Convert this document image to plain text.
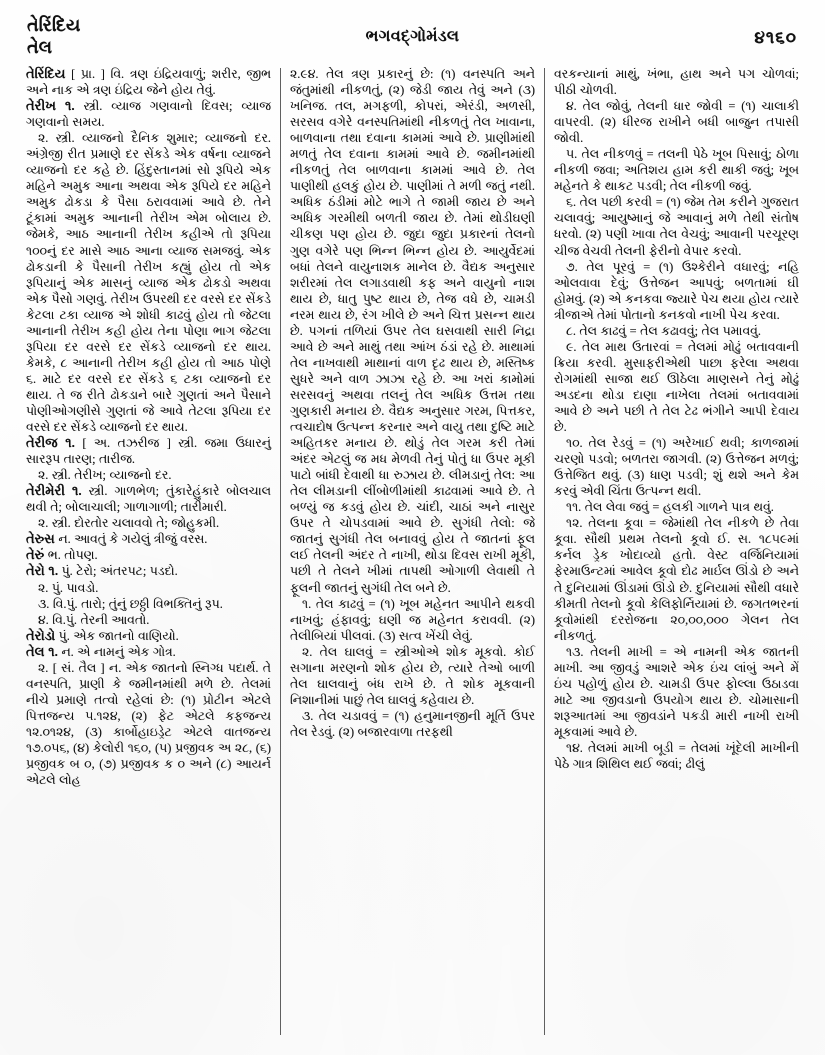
તેરિંદિય
તેલ
ભગવદ્ગોમંડલ	૪૧૬૦

તેરિંદિય [ પ્રા. ] વિ. ત્રણ ઇંદ્રિયવાળું; શરીર, જીભ અને નાક એ ત્રણ ઇંદ્રિય જેને હોય તેવું.

તેરીખ ૧. સ્ત્રી. વ્યાજ ગણવાનો દિવસ; વ્યાજ ગણવાનો સમય.

૨. સ્ત્રી. વ્યાજનો દૈનિક શુમાર; વ્યાજનો દર. અંગ્રેજી રીત પ્રમાણે દર સેંકડે એક વર્ષના વ્યાજને વ્યાજનો દર કહે છે. હિંદુસ્તાનમાં સો રૂપિયે એક મહિને અમુક આના અથવા એક રૂપિયે દર મહિને અમુક ઢોકડા કે પૈસા ઠરાવવામાં આવે છે. તેને ટૂંકામાં અમુક આનાની તેરીખ એમ બોલાય છે. જેમકે, આઠ આનાની તેરીખ કહીએ તો રૂપિયા ૧૦૦નું દર માસે આઠ આના વ્યાજ સમજવું. એક ઢોકડાની કે પૈસાની તેરીખ કહ્યું હોય તો એક રૂપિયાનું એક માસનું વ્યાજ એક ઢોકડો અથવા એક પૈસો ગણવું. તેરીખ ઉપરથી દર વરસે દર સેંકડે કેટલા ટકા વ્યાજ એ શોધી કાઢવું હોય તો જેટલા આનાની તેરીખ કહી હોય તેના પોણા ભાગ જેટલા રૂપિયા દર વરસે દર સેંકડે વ્યાજનો દર થાય. કેમકે, ૮ આનાની તેરીખ કહી હોય તો આઠ પોણે ૬. માટે દર વરસે દર સેંકડે ૬ ટકા વ્યાજનો દર થાય. તે જ રીતે ઢોકડાને બારે ગુણતાં અને પૈસાને પોણીઓગણીસે ગુણતાં જે આવે તેટલા રૂપિયા દર વરસે દર સેંકડે વ્યાજનો દર થાય.

તેરીજ ૧. [ અ. તઝરીજ ] સ્ત્રી. જમા ઉધારનું સારરૂપ તારણ; તારીજ.

૨. સ્ત્રી. તેરીખ; વ્યાજનો દર.

તેરીમેરી ૧. સ્ત્રી. ગાળભેળ; તુંકારેહુંકારે બોલચાલ થવી તે; બોલાચાલી; ગાળાગાળી; તારીમારી.

૨. સ્ત્રી. દોરતોર ચલાવવો તે; જોહુકમી.

તેરુસ ન. આવતું કે ગયેલું ત્રીજું વરસ.

તેરું ભ. તોપણ.

તેરો ૧. પું. ટેરો; અંતરપટ; પડદો.

૨. પું. પાવડો.

૩. વિ.પું. તારો; તુંનું છઠ્ઠી વિભક્તિનું રૂપ.

૪. વિ.પું. તેરની આવતો.

તેરોડો પું. એક જાતનો વાણિયો.

તેલ ૧. ન. એ નામનું એક ગોત્ર.

૨. [ સં. તૈલ ] ન. એક જાતનો સ્નિગ્ધ પદાર્થ. તે વનસ્પતિ, પ્રાણી કે જમીનમાંથી મળે છે. તેલમાં નીચે પ્રમાણે તત્વો રહેલાં છે: (૧) પ્રોટીન એટલે પિત્તજન્ય ૫.૧૨૪, (૨) ફેટ એટલે કફજન્ય ૧૨.૦૧૨૪, (૩) કાર્બોહાઇડ્રેટ એટલે વાતજન્ય ૧૭.૦૫૬, (૪) કેલોરી ૧૬૦, (૫) પ્રજીવક અ ૨૮, (૬) પ્રજીવક બ ૦, (૭) પ્રજીવક ક ૦ અને (૮) આયર્ન એટલે લોહ

૨.૯૪. તેલ ત્રણ પ્રકારનું છે: (૧) વનસ્પતિ અને જંતુમાંથી નીકળતું, (૨) જેડી જાય તેવું અને (૩) ખનિજ. તલ, મગફળી, કોપરાં, એરંડી, અળસી, સરસવ વગેરે વનસ્પતિમાંથી નીકળતું તેલ ખાવાના, બાળવાના તથા દવાના કામમાં આવે છે. પ્રાણીમાંથી મળતું તેલ દવાના કામમાં આવે છે. જમીનમાંથી નીકળતું તેલ બાળવાના કામમાં આવે છે. તેલ પાણીથી હલકું હોય છે. પાણીમાં તે મળી જતું નથી. અધિક ઠંડીમાં મોટે ભાગે તે જામી જાય છે અને અધિક ગરમીથી બળતી જાય છે. તેમાં થોડીઘણી ચીકણ પણ હોય છે. જુદા જુદા પ્રકારનાં તેલનો ગુણ વગેરે પણ ભિન્ન ભિન્ન હોય છે. આયુર્વેદમાં બધાં તેલને વાયુનાશક માનેલ છે. વૈદ્યક અનુસાર શરીરમાં તેલ લગાડવાથી કફ અને વાયુનો નાશ થાય છે, ધાતુ પુષ્ટ થાય છે, તેજ વધે છે, ચામડી નરમ થાય છે, રંગ ખીલે છે અને ચિત્ત પ્રસન્ન થાય છે. પગનાં તળિયાં ઉપર તેલ ઘસવાથી સારી નિદ્રા આવે છે અને માથું તથા આંખ ઠંડાં રહે છે. માથામાં તેલ નાખવાથી માથાનાં વાળ દૃઢ થાય છે, મસ્તિષ્ક સુધરે અને વાળ ઝાઝા રહે છે. આ ખરાં કામોમાં સરસવનું અથવા તલનું તેલ અધિક ઉત્તમ તથા ગુણકારી મનાય છે. વૈદ્યક અનુસાર ગરમ, પિત્તકર, ત્વચાદોષ ઉત્પન્ન કરનાર અને વાયુ તથા દુષ્ટિ માટે અહિતકર મનાય છે. થોડું તેલ ગરમ કરી તેમાં અંદર એટલું જ મધ મેળવી તેનું પોતું ધા ઉપર મૂકી પાટો બાંધી દેવાથી ધા રુઝાય છે. લીમડાનું તેલ: આ તેલ લીમડાની લીંબોળીમાંથી કાઢવામાં આવે છે. તે બળ્યું જ કડવું હોય છે. ચાંદી, ચાઠાં અને નાસુર ઉપર તે ચોપડવામાં આવે છે. સુગંધી તેલો: જે જાતનું સુગંધી તેલ બનાવવું હોય તે જાતનાં ફૂલ લઈ તેલની અંદર તે નાખી, થોડા દિવસ રાખી મૂકી, પછી તે તેલને ખીમાં તાપથી ઓગાળી લેવાથી તે ફૂલની જાતનું સુગંધી તેલ બને છે.

૧. તેલ કાઢવું = (૧) ખૂબ મહેનત આપીને થકવી નાખવું; હંફાવવું; ઘણી જ મહેનત કરાવવી. (૨) તેલીબિયાં પીલવાં. (૩) સત્વ ખેંચી લેવું.

૨. તેલ ઘાલવું = સ્ત્રીઓએ શોક મૂકવો. કોઈ સગાના મરણનો શોક હોય છે, ત્યારે તેઓ બાળી તેલ ઘાલવાનું બંધ રાખે છે. તે શોક મૂકવાની નિશાનીમાં પાછું તેલ ઘાલવું કહેવાય છે.

૩. તેલ ચડાવવું = (૧) હનુમાનજીની મૂર્તિ ઉપર તેલ રેડવું. (૨) બજારવાળા તરફથી

વરકન્યાનાં માથું, ખંભા, હાથ અને પગ ચોળવાં; પીઠી ચોળવી.

૪. તેલ જોવું, તેલની ધાર જોવી = (૧) ચાલાકી વાપરવી. (૨) ધીરજ રાખીને બધી બાજુન તપાસી જોવી.

૫. તેલ નીકળવું = તલની પેઠે ખૂબ પિસાવું; ઠોળા નીકળી જવા; અતિશય હામ કરી થાકી જવું; ખૂબ મહેનતે કે થાકટ પડવી; તેલ નીકળી જવું.

૬. તેલ પછી કરવી = (૧) જેમ તેમ કરીને ગુજરાત ચલાવવું; આયુષ્માનું જે આવાનું મળે તેથી સંતોષ ધરવો. (૨) પણી ખાવા તેલ વેચવું; આવાની પરચૂરણ ચીજ વેચવી તેલની ફેરીનો વેપાર કરવો.

૭. તેલ પૂરવું = (૧) ઉશ્કેરીને વધારવું; નહિ ઓલવાવા દેવું; ઉત્તેજન આપવું; બળતામાં ઘી હોમવું. (૨) એ કનકવા જ્યારે પેચ થયા હોય ત્યારે ત્રીજાએ તેમાં પોતાનો કનકવો નાખી પેચ કરવા.

૮. તેલ કાઢવું = તેલ કઢાવવું; તેલ પમાવવું.

૯. તેલ માથ ઉતારવાં = તેલમાં મોઢું બતાવવાની ક્રિયા કરવી. મુસાફરીએથી પાછા ફરેલા અથવા રોગમાંથી સાજા થઈ ઊઠેલા માણસને તેનું મોઢું અડદના થોડા દાણા નાખેલા તેલમાં બતાવવામાં આવે છે અને પછી તે તેલ ટેઢ ભંગીને આપી દેવાય છે.

૧૦. તેલ રેડવું = (૧) અરેખાઈ થવી; કાળજામાં ચરણો પડવો; બળતરા જાગવી. (૨) ઉત્તેજન મળવું; ઉત્તેજિત થવું. (૩) ધાણ પડવી; શું થશે અને કેમ કરવું એવી ચિંતા ઉત્પન્ન થવી.

૧૧. તેલ લેવા જવું = હલકી ગાળને પાત્ર થવું.

૧૨. તેલના કૂવા = જેમાંથી તેલ નીકળે છે તેવા કૂવા. સૌથી પ્રથમ તેલનો કૂવો ઈ. સ. ૧૮૫૯માં કર્નલ ડ્રેક ખોદાવ્યો હતો. વેસ્ટ વર્જિનિયામાં ફેરમાઉન્ટમાં આવેલ કૂવો દોઢ માર્ઇલ ઊંડો છે અને તે દુનિયામાં ઊંડામાં ઊંડો છે. દુનિયામાં સૌથી વધારે કીમતી તેલનો કૂવો કેલિફોર્નિયામાં છે. જગતભરનાં કૂવોમાંથી દરરોજના ૨૦,૦૦,૦૦૦ ગેલન તેલ નીકળતું.

૧૩. તેલની માખી = એ નામની એક જાતની માખી. આ જીવડું આશરે એક ઇંચ લાંબું અને મેં ઇંચ પહોળું હોય છે. ચામડી ઉપર ફોલ્લા ઉઠાડવા માટે આ જીવડાનો ઉપયોગ થાય છે. ચોમાસાની શરૂઆતમાં આ જીવડાંને પકડી મારી નાખી રાખી મૂકવામાં આવે છે.

૧૪. તેલમાં માખી બૂડી = તેલમાં ખૂંદેલી માખીની પેઠે ગાત્ર શિથિલ થઈ જવાં; ઢીલું
